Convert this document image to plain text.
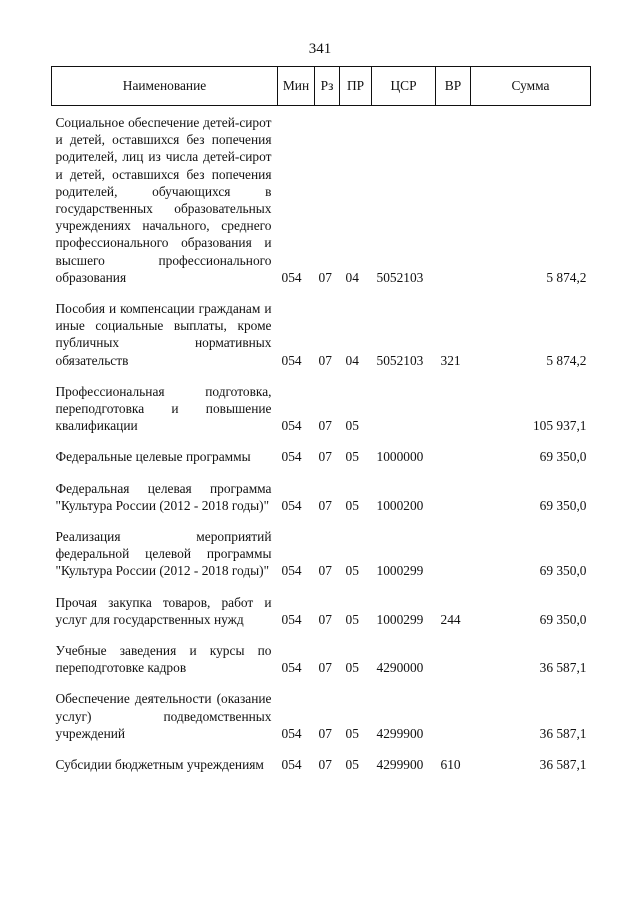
341
Наименование	Мин	Рз	ПР	ЦСР	ВР	Сумма
Социальное обеспечение детей-сирот и детей, оставшихся без попечения родителей, лиц из числа детей-сирот и детей, оставшихся без попечения родителей, обучающихся в государственных образовательных учреждениях начального, среднего профессионального образования и высшего профессионального образования	054	07	04	5052103		5 874,2
Пособия и компенсации гражданам и иные социальные выплаты, кроме публичных нормативных обязательств	054	07	04	5052103	321	5 874,2
Профессиональная подготовка, переподготовка и повышение квалификации	054	07	05			105 937,1
Федеральные целевые программы	054	07	05	1000000		69 350,0
Федеральная целевая программа "Культура России (2012 - 2018 годы)"	054	07	05	1000200		69 350,0
Реализация мероприятий федеральной целевой программы "Культура России (2012 - 2018 годы)"	054	07	05	1000299		69 350,0
Прочая закупка товаров, работ и услуг для государственных нужд	054	07	05	1000299	244	69 350,0
Учебные заведения и курсы по переподготовке кадров	054	07	05	4290000		36 587,1
Обеспечение деятельности (оказание услуг) подведомственных учреждений	054	07	05	4299900		36 587,1
Субсидии бюджетным учреждениям	054	07	05	4299900	610	36 587,1
